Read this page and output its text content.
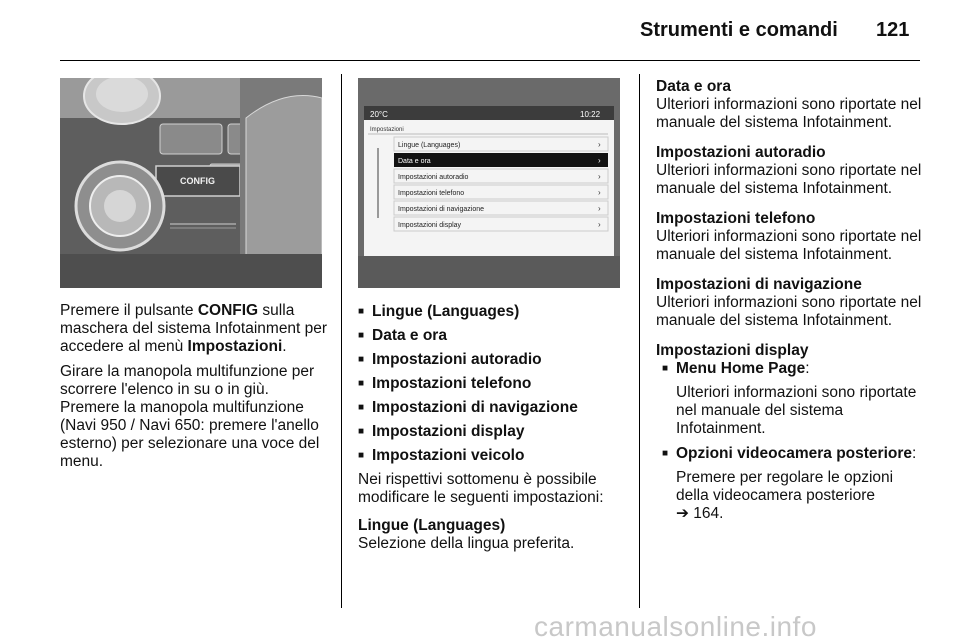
Strumenti e comandi 121
CONFIG
20°C	10:22
Impostazioni
Lingue (Languages)
Data e ora
Impostazioni autoradio
Impostazioni telefono
Impostazioni di navigazione
Impostazioni display
›
›
›
›
›
›

Premere il pulsante CONFIG sulla maschera del sistema Infotainment per accedere al menù Impostazioni.

Girare la manopola multifunzione per scorrere l'elenco in su o in giù. Premere la manopola multifunzione (Navi 950 / Navi 650: premere l'anello esterno) per selezionare una voce del menu.

■ Lingue (Languages)
■ Data e ora
■ Impostazioni autoradio
■ Impostazioni telefono
■ Impostazioni di navigazione
■ Impostazioni display
■ Impostazioni veicolo

Nei rispettivi sottomenu è possibile modificare le seguenti impostazioni:

Lingue (Languages)
Selezione della lingua preferita.
Data e ora
Ulteriori informazioni sono riportate nel manuale del sistema Infotainment.
Impostazioni autoradio
Ulteriori informazioni sono riportate nel manuale del sistema Infotainment.
Impostazioni telefono
Ulteriori informazioni sono riportate nel manuale del sistema Infotainment.
Impostazioni di navigazione
Ulteriori informazioni sono riportate nel manuale del sistema Infotainment.
Impostazioni display
■ Menu Home Page:
Ulteriori informazioni sono riportate nel manuale del sistema Infotainment.
■ Opzioni videocamera posteriore:
Premere per regolare le opzioni della videocamera posteriore
➔ 164.
carmanualsonline.info
